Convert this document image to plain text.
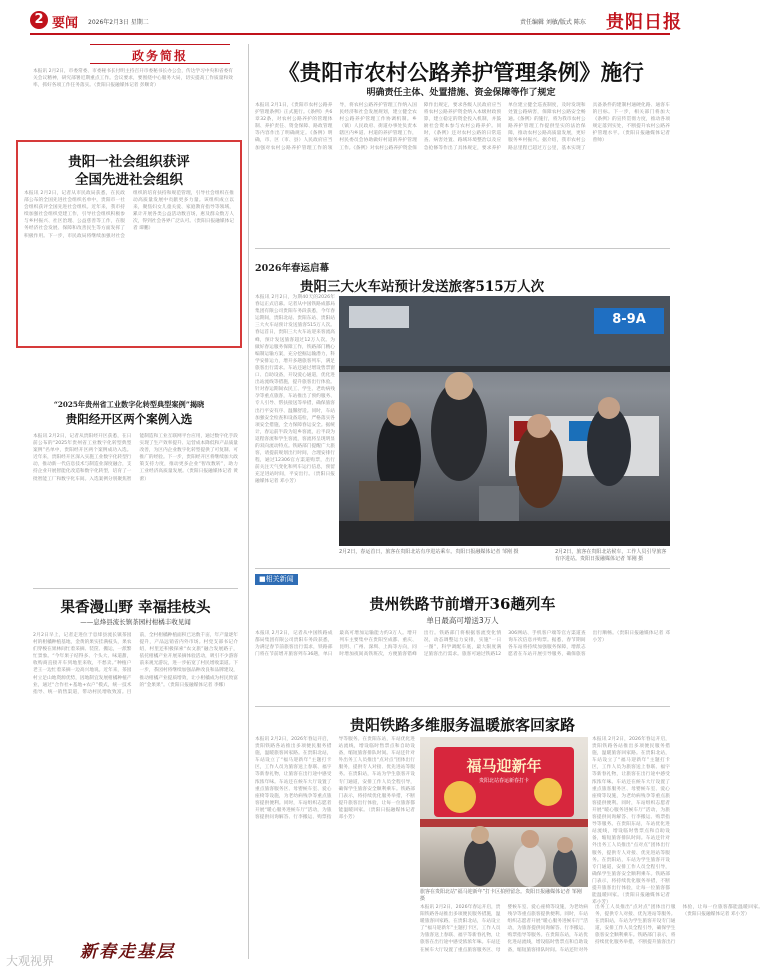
2 要闻 2026年2月3日 星期二	责任编辑 刘敏/版式 陈东 贵阳日报
政务简报
本报讯 2月2日，市委常委、市委秘书长付明主持召开市委秘书长办公会，传达学习中央和省委有关会议精神，研究部署近期重点工作。会议要求，要围绕中心服务大局，切实提高工作质量和效率，抓好各项工作任务落实。（贵阳日报融媒体记者 彭顺奇）
贵阳一社会组织获评
全国先进社会组织
本报讯 2月2日，记者从市民政局获悉，在民政部公布的全国先进社会组织名单中，贵阳市一社会组织获评全国先进社会组织。近年来，我市持续加强社会组织党建工作，引导社会组织积极参与乡村振兴、社区治理、公益慈善等工作，在服务经济社会发展、保障和改善民生等方面发挥了积极作用。下一步，市民政局将继续加强对社会组织的培育扶持和规范管理，引导社会组织在推动高质量发展中贡献更多力量。该组织成立以来，聚焦妇女儿童关爱、家庭教育指导等领域，累计开展各类公益活动数百场，惠及群众数万人次，得到社会各界广泛认可。（贵阳日报融媒体记者 谭鹏）
“2025年贵州省工业数字化转型典型案例”揭晓
贵阳经开区两个案例入选
本报讯 2月2日，记者从贵阳经开区获悉，在日前公布的“2025年贵州省工业数字化转型典型案例”名单中，贵阳经开区两个案例成功入选。近年来，贵阳经开区深入实施工业数字化转型行动，推动新一代信息技术与制造业深度融合，支持企业开展智能化改造和数字化转型，培育了一批智能工厂和数字化车间。入选案例分别聚焦智能制造和工业互联网平台应用，通过数字化手段实现了生产效率提升、运营成本降低和产品质量改善，为区内企业数字化转型提供了可复制、可推广的经验。下一步，贵阳经开区将继续加大政策支持力度，推动更多企业“智改数转”，助力工业经济高质量发展。（贵阳日报融媒体记者 黄蕾）
果香漫山野 幸福挂枝头
——息烽县流长镇茶园村柑橘丰收见闻
2月2日早上，记者走进位于息烽县流长镇茶园村的柑橘种植基地，金黄的果实挂满枝头，果农们穿梭在果林间忙着采摘、装筐、搬运，一派繁忙景象。“今年果子结得多、个头大、味道甜，收购商直接开车到地里来收，不愁卖。”种植户老王一边忙着采摘一边高兴地说。近年来，茶园村立足山地资源优势，因地制宜发展柑橘种植产业，通过“合作社+基地+农户”模式，统一技术指导、统一销售渠道，带动村民增收致富。目前，全村柑橘种植面积已达数千亩，年产量逐年提升，产品远销省内外市场。村党支部书记介绍，村里还积极探索“农文旅”融合发展路子，依托柑橘产业开展采摘体验活动，吸引不少游客前来观光游玩，进一步拓宽了村民增收渠道。下一步，茶园村将继续加强品种改良和品牌建设，推动柑橘产业提质增效，让小柑橘成为村民致富的“金果果”。（贵阳日报融媒体记者 李娜）
新春走基层
大观视界
《贵阳市农村公路养护管理条例》施行
明确责任主体、处置措施、资金保障等作了规定
本报讯 2月1日，《贵阳市农村公路养护管理条例》正式施行。《条例》共6章32条，对农村公路养护的管理体制、养护责任、资金保障、路政管理等内容作出了明确规定。《条例》明确，市、区（市、县）人民政府应当加强对农村公路养护管理工作的领导，将农村公路养护管理工作纳入国民经济和社会发展规划，建立健全农村公路养护管理工作协调机制。乡（镇）人民政府、街道办事处负责本辖区内乡道、村道的养护管理工作，村民委员会协助做好村道的养护管理工作。《条例》对农村公路养护资金保障作出规定，要求各级人民政府应当将农村公路养护资金纳入本级财政预算，建立稳定的资金投入机制，并鼓励社会资本参与农村公路养护。同时，《条例》还对农村公路的日常巡查、病害处置、路域环境整治以及应急抢修等作出了具体规定，要求养护单位建立健全巡查制度，及时发现和处置公路病害，保障农村公路安全畅通。《条例》的施行，将为我市农村公路养护管理工作提供坚实的法治保障，推动农村公路高质量发展，更好服务乡村振兴。据介绍，我市农村公路总里程已超过万公里，基本实现了具备条件的建制村通硬化路、通客车的目标。下一步，相关部门将加大《条例》的宣传贯彻力度，推动各项规定落到实处，不断提升农村公路养护管理水平。（贵阳日报融媒体记者 曾帅）
2026年春运启幕
贵阳三大火车站预计发送旅客515万人次
本报讯 2月2日，为期40天的2026年春运正式启幕。记者从中国铁路成都局集团有限公司贵阳车务段获悉，今年春运期间，贵阳北站、贵阳东站、贵阳站三大火车站预计发送旅客515万人次。春运首日，贵阳三大火车站迎来客流高峰，预计发送旅客超过12万人次。为做好春运服务保障工作，铁路部门精心编制运输方案，充分挖掘运输潜力，科学安排运力，增开多趟旅客列车，满足旅客出行需求。车站还通过增设售票窗口、自助设备，开设爱心通道，优化进出站流线等措施，提升旅客出行体验。针对春运期间农民工、学生、老幼病残孕等重点旅客，车站推出了预约服务、专人引导、帮扶接送等举措，确保旅客出行平安有序、温馨舒适。同时，车站加强安全检查和设备巡检，严格落实各项安全措施，全力保障春运安全。据统计，春运前半段为返乡客流，后半段为返程客流和学生客流，客流将呈现明显的双向流动特点。铁路部门提醒广大旅客，请提前规划出行时间，合理安排行程，通过12306官方渠道购票，出行前关注天气变化和列车运行信息，预留充足进站时间，平安出行。（贵阳日报融媒体记者 邓小芳）
8-9A
2月2日，春运首日，旅客在贵阳北站有序进站乘车。贵阳日报融媒体记者 邹刚 摄	2月2日，旅客在贵阳北站候车，工作人员引导旅客有序进站。贵阳日报融媒体记者 邹刚 摄
■相关新闻
贵州铁路节前增开36趟列车
单日最高可增送3万人
本报讯 2月2日，记者从中国铁路成都局集团有限公司贵阳车务段获悉，为满足春节前旅客出行需求，铁路部门将在节前增开旅客列车36趟，单日最高可增加运输能力约3万人。增开列车主要集中在贵阳至成都、重庆、昆明、广州、深圳、上海等方向，同时增加夜间高铁班次，方便旅客错峰出行。铁路部门将根据客流变化情况，动态调整运力安排，实施“一日一图”，科学调配车底，最大限度满足旅客出行需求。旅客可通过铁路12306网站、手机客户端等官方渠道查询车次信息并购票。据悉，春节期间各车站将持续加强服务保障，增派志愿者在车站开展引导服务，确保旅客出行顺畅。（贵阳日报融媒体记者 邓小芳）
贵阳铁路多维服务温暖旅客回家路
本报讯 2月2日，2026年春运开启，贵阳铁路各站推出多项便民服务措施，温暖旅客回家路。在贵阳北站，车站设立了“福马迎新年”主题打卡区，工作人员为旅客送上春联、福字等新春礼物，让旅客在出行途中感受浓浓年味。车站还在候车大厅设置了重点旅客服务区、母婴候车室、爱心座椅等设施，为老幼病残孕等重点旅客提供便利。同时，车站组织志愿者开展“暖心服务进候车厅”活动，为旅客提供问询解答、行李搬运、购票指导等服务。在贵阳东站，车站优化进站流线，增设临时售票点和自助设备，缩短旅客排队时间。车站还针对外出务工人员推出“点对点”团体出行服务，提供专人对接、优先进站等服务。在贵阳站，车站为学生旅客开设专门通道，安排工作人员全程引导，确保学生旅客安全顺利乘车。铁路部门表示，将持续优化服务举措，不断提升旅客出行体验，让每一位旅客都能温暖回家。（贵阳日报融媒体记者 邓小芳）
福马迎新年
贵阳北站春运新春打卡
旅客在贵阳北站“福马迎新年”打卡区拍照留念。贵阳日报融媒体记者 邹刚 摄
本报讯 2月2日，2026年春运开启，贵阳铁路各站推出多项便民服务措施，温暖旅客回家路。在贵阳北站，车站设立了“福马迎新年”主题打卡区，工作人员为旅客送上春联、福字等新春礼物，让旅客在出行途中感受浓浓年味。车站还在候车大厅设置了重点旅客服务区、母婴候车室、爱心座椅等设施，为老幼病残孕等重点旅客提供便利。同时，车站组织志愿者开展“暖心服务进候车厅”活动，为旅客提供问询解答、行李搬运、购票指导等服务。在贵阳东站，车站优化进站流线，增设临时售票点和自助设备，缩短旅客排队时间。车站还针对外出务工人员推出“点对点”团体出行服务，提供专人对接、优先进站等服务。在贵阳站，车站为学生旅客开设专门通道，安排工作人员全程引导，确保学生旅客安全顺利乘车。铁路部门表示，将持续优化服务举措，不断提升旅客出行体验，让每一位旅客都能温暖回家。（贵阳日报融媒体记者 邓小芳）
本报讯 2月2日，2026年春运开启，贵阳铁路各站推出多项便民服务措施，温暖旅客回家路。在贵阳北站，车站设立了“福马迎新年”主题打卡区，工作人员为旅客送上春联、福字等新春礼物，让旅客在出行途中感受浓浓年味。车站还在候车大厅设置了重点旅客服务区、母婴候车室、爱心座椅等设施，为老幼病残孕等重点旅客提供便利。同时，车站组织志愿者开展“暖心服务进候车厅”活动，为旅客提供问询解答、行李搬运、购票指导等服务。在贵阳东站，车站优化进站流线，增设临时售票点和自助设备，缩短旅客排队时间。车站还针对外出务工人员推出“点对点”团体出行服务，提供专人对接、优先进站等服务。在贵阳站，车站为学生旅客开设专门通道，安排工作人员全程引导，确保学生旅客安全顺利乘车。铁路部门表示，将持续优化服务举措，不断提升旅客出行体验，让每一位旅客都能温暖回家。（贵阳日报融媒体记者 邓小芳）
